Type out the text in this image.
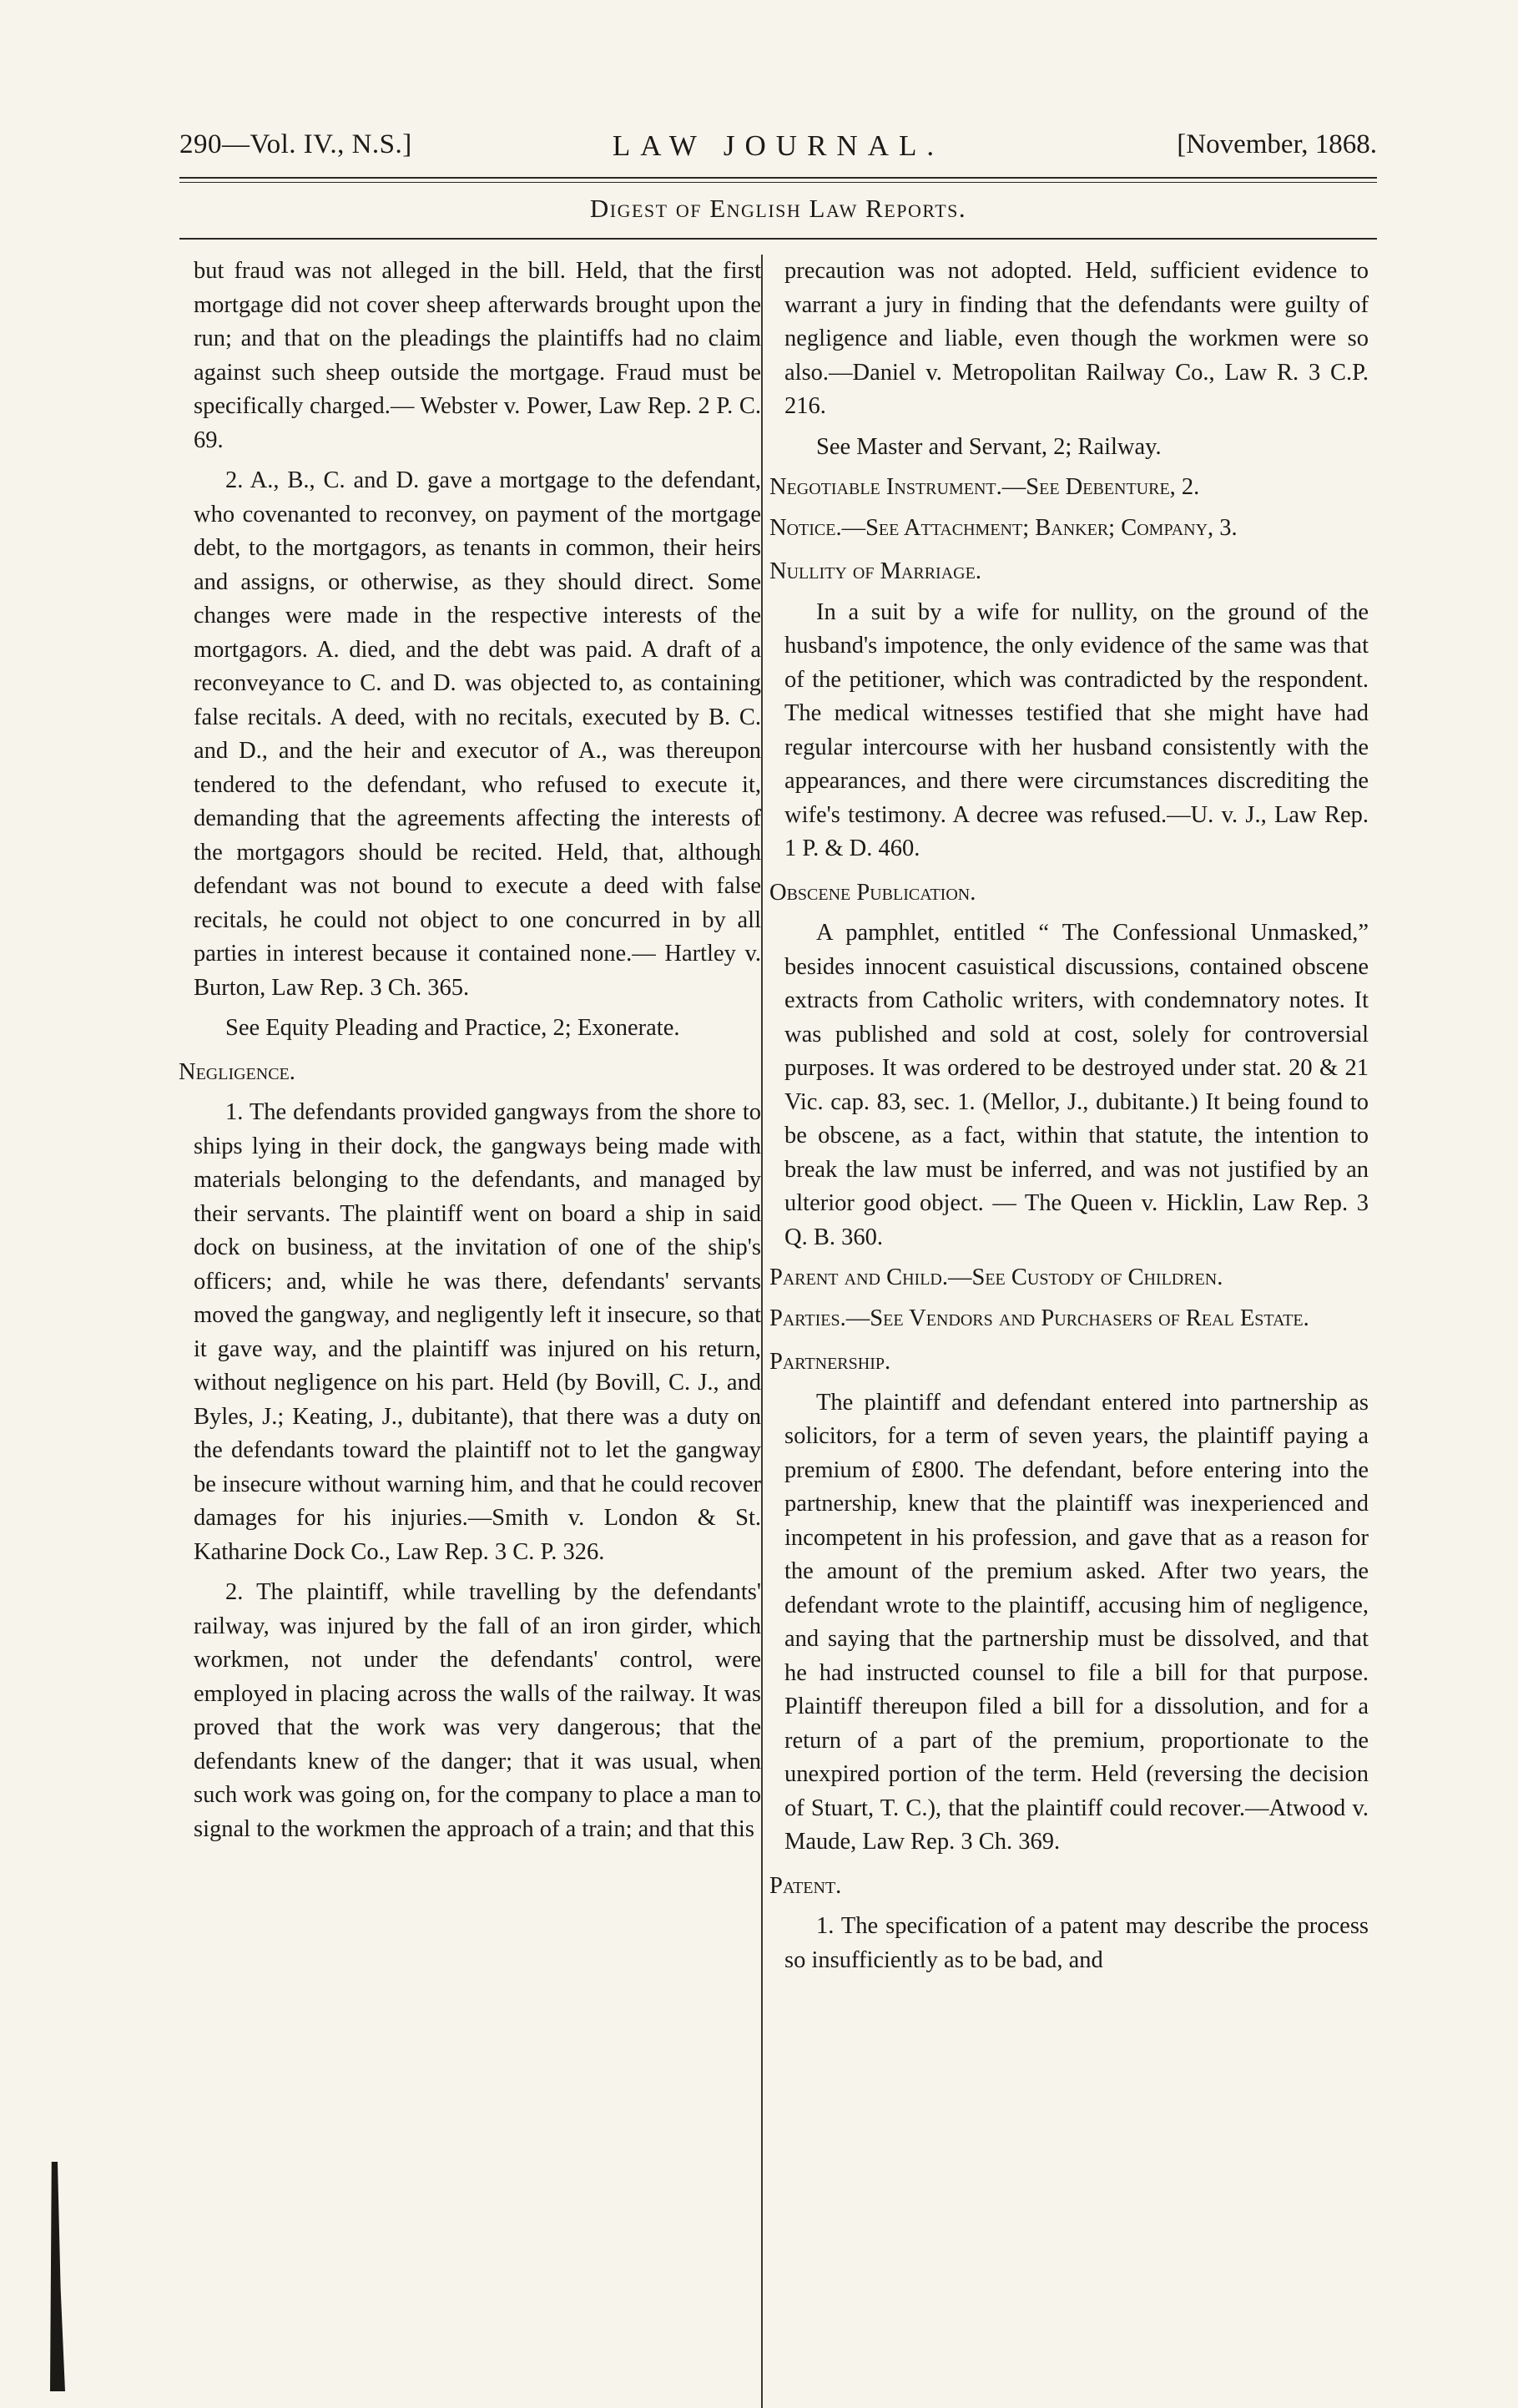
290—Vol. IV., N.S.]	LAW JOURNAL.	[November, 1868.
Digest of English Law Reports.

but fraud was not alleged in the bill. Held, that the first mortgage did not cover sheep afterwards brought upon the run; and that on the pleadings the plaintiffs had no claim against such sheep outside the mortgage. Fraud must be specifically charged.— Webster v. Power, Law Rep. 2 P. C. 69.

2. A., B., C. and D. gave a mortgage to the defendant, who covenanted to reconvey, on payment of the mortgage debt, to the mortgagors, as tenants in common, their heirs and assigns, or otherwise, as they should direct. Some changes were made in the respective interests of the mortgagors. A. died, and the debt was paid. A draft of a reconveyance to C. and D. was objected to, as containing false recitals. A deed, with no recitals, executed by B. C. and D., and the heir and executor of A., was thereupon tendered to the defendant, who refused to execute it, demanding that the agreements affecting the interests of the mortgagors should be recited. Held, that, although defendant was not bound to execute a deed with false recitals, he could not object to one concurred in by all parties in interest because it contained none.— Hartley v. Burton, Law Rep. 3 Ch. 365.

See Equity Pleading and Practice, 2; Exonerate.

Negligence.

1. The defendants provided gangways from the shore to ships lying in their dock, the gangways being made with materials belonging to the defendants, and managed by their servants. The plaintiff went on board a ship in said dock on business, at the invitation of one of the ship's officers; and, while he was there, defendants' servants moved the gangway, and negligently left it insecure, so that it gave way, and the plaintiff was injured on his return, without negligence on his part. Held (by Bovill, C. J., and Byles, J.; Keating, J., dubitante), that there was a duty on the defendants toward the plaintiff not to let the gangway be insecure without warning him, and that he could recover damages for his injuries.—Smith v. London & St. Katharine Dock Co., Law Rep. 3 C. P. 326.

2. The plaintiff, while travelling by the defendants' railway, was injured by the fall of an iron girder, which workmen, not under the defendants' control, were employed in placing across the walls of the railway. It was proved that the work was very dangerous; that the defendants knew of the danger; that it was usual, when such work was going on, for the company to place a man to signal to the workmen the approach of a train; and that this

precaution was not adopted. Held, sufficient evidence to warrant a jury in finding that the defendants were guilty of negligence and liable, even though the workmen were so also.—Daniel v. Metropolitan Railway Co., Law R. 3 C.P. 216.

See Master and Servant, 2; Railway.

Negotiable Instrument.—See Debenture, 2.
Notice.—See Attachment; Banker; Company, 3.
Nullity of Marriage.

In a suit by a wife for nullity, on the ground of the husband's impotence, the only evidence of the same was that of the petitioner, which was contradicted by the respondent. The medical witnesses testified that she might have had regular intercourse with her husband consistently with the appearances, and there were circumstances discrediting the wife's testimony. A decree was refused.—U. v. J., Law Rep. 1 P. & D. 460.

Obscene Publication.

A pamphlet, entitled “ The Confessional Unmasked,” besides innocent casuistical discussions, contained obscene extracts from Catholic writers, with condemnatory notes. It was published and sold at cost, solely for controversial purposes. It was ordered to be destroyed under stat. 20 & 21 Vic. cap. 83, sec. 1. (Mellor, J., dubitante.) It being found to be obscene, as a fact, within that statute, the intention to break the law must be inferred, and was not justified by an ulterior good object. — The Queen v. Hicklin, Law Rep. 3 Q. B. 360.

Parent and Child.—See Custody of Children.
Parties.—See Vendors and Purchasers of Real Estate.
Partnership.

The plaintiff and defendant entered into partnership as solicitors, for a term of seven years, the plaintiff paying a premium of £800. The defendant, before entering into the partnership, knew that the plaintiff was inexperienced and incompetent in his profession, and gave that as a reason for the amount of the premium asked. After two years, the defendant wrote to the plaintiff, accusing him of negligence, and saying that the partnership must be dissolved, and that he had instructed counsel to file a bill for that purpose. Plaintiff thereupon filed a bill for a dissolution, and for a return of a part of the premium, proportionate to the unexpired portion of the term. Held (reversing the decision of Stuart, T. C.), that the plaintiff could recover.—Atwood v. Maude, Law Rep. 3 Ch. 369.

Patent.

1. The specification of a patent may describe the process so insufficiently as to be bad, and
